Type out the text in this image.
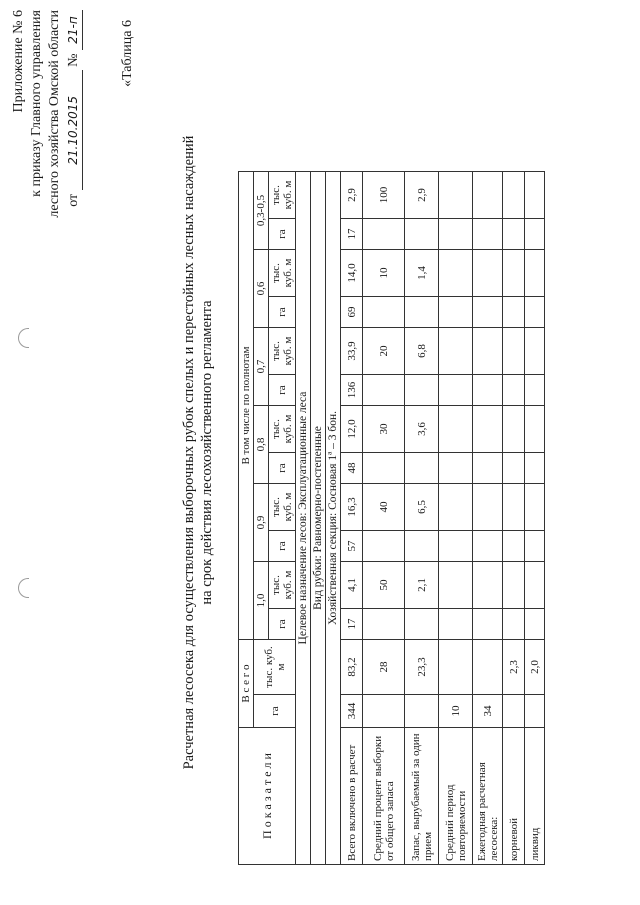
Приложение № 6 к приказу Главного управления лесного хозяйства Омской области от 21.10.2015 № 21-п	«Таблица 6
Расчетная лесосека для осуществления выборочных рубок спелых и перестойных лесных насаждений на срок действия лесохозяйственного регламента
П о к а з а т е л и	В с е г о		В том числе по полнотам											
	га	тыс. куб. м	1,0		0,9		0,8		0,7		0,6		0,3-0,5	
			га	тыс. куб. м	га	тыс. куб. м	га	тыс. куб. м	га	тыс. куб. м	га	тыс. куб. м	га	тыс. куб. м
Целевое назначение лесов: Эксплуатационные леса														
Вид рубки: Равномерно-постепенные														
Хозяйственная секция: Сосновая 1ª – 3 бон.														
Всего включено в расчет	344	83,2	17	4,1	57	16,3	48	12,0	136	33,9	69	14,0	17	2,9
Средний процент выборки от общего запаса		28		50		40		30		20		10		100
Запас, вырубаемый за один прием		23,3		2,1		6,5		3,6		6,8		1,4		2,9
Средний период повторяемости	10													
Ежегодная расчетная лесосека:	34													
корневой		2,3												
ликвид		2,0												
